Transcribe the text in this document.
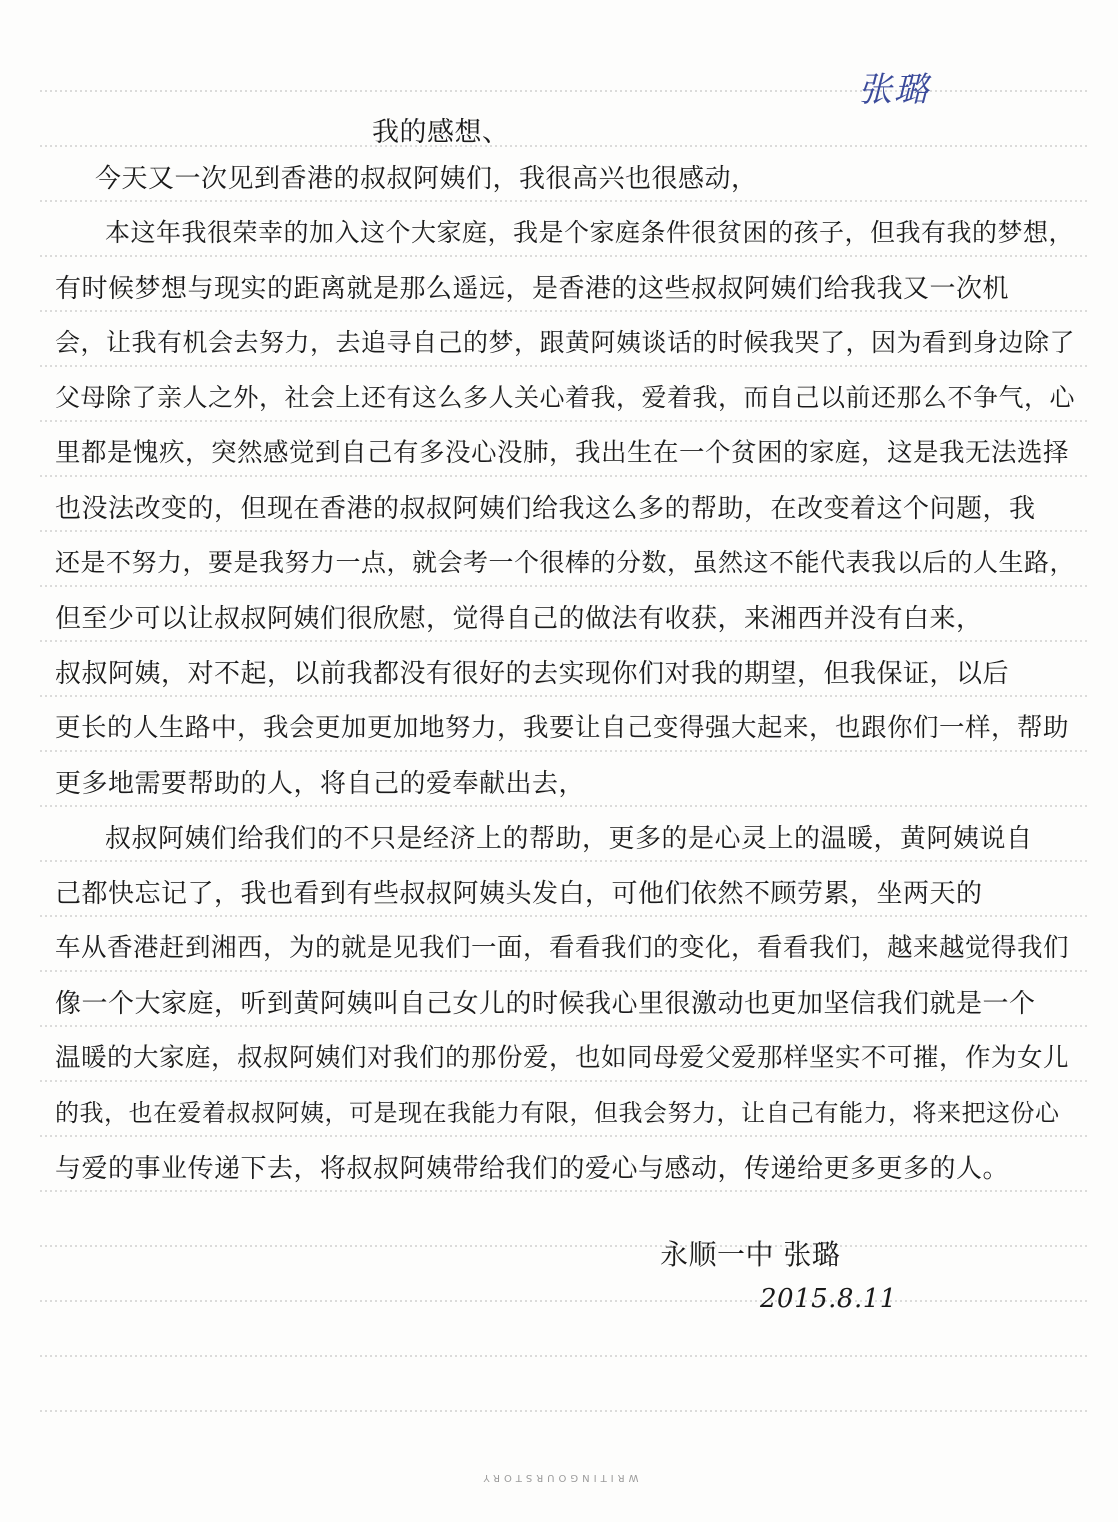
张璐
我的感想、
今天又一次见到香港的叔叔阿姨们，我很高兴也很感动，
本这年我很荣幸的加入这个大家庭，我是个家庭条件很贫困的孩子，但我有我的梦想，
有时候梦想与现实的距离就是那么遥远，是香港的这些叔叔阿姨们给我我又一次机
会，让我有机会去努力，去追寻自己的梦，跟黄阿姨谈话的时候我哭了，因为看到身边除了
父母除了亲人之外，社会上还有这么多人关心着我，爱着我，而自己以前还那么不争气，心
里都是愧疚，突然感觉到自己有多没心没肺，我出生在一个贫困的家庭，这是我无法选择
也没法改变的，但现在香港的叔叔阿姨们给我这么多的帮助，在改变着这个问题，我
还是不努力，要是我努力一点，就会考一个很棒的分数，虽然这不能代表我以后的人生路，
但至少可以让叔叔阿姨们很欣慰，觉得自己的做法有收获，来湘西并没有白来，
叔叔阿姨，对不起，以前我都没有很好的去实现你们对我的期望，但我保证，以后
更长的人生路中，我会更加更加地努力，我要让自己变得强大起来，也跟你们一样，帮助
更多地需要帮助的人，将自己的爱奉献出去，
叔叔阿姨们给我们的不只是经济上的帮助，更多的是心灵上的温暖，黄阿姨说自
己都快忘记了，我也看到有些叔叔阿姨头发白，可他们依然不顾劳累，坐两天的
车从香港赶到湘西，为的就是见我们一面，看看我们的变化，看看我们，越来越觉得我们
像一个大家庭，听到黄阿姨叫自己女儿的时候我心里很激动也更加坚信我们就是一个
温暖的大家庭，叔叔阿姨们对我们的那份爱，也如同母爱父爱那样坚实不可摧，作为女儿
的我，也在爱着叔叔阿姨，可是现在我能力有限，但我会努力，让自己有能力，将来把这份心
与爱的事业传递下去，将叔叔阿姨带给我们的爱心与感动，传递给更多更多的人。
永顺一中 张璐
2015.8.11
WRITINGOURSTORY
